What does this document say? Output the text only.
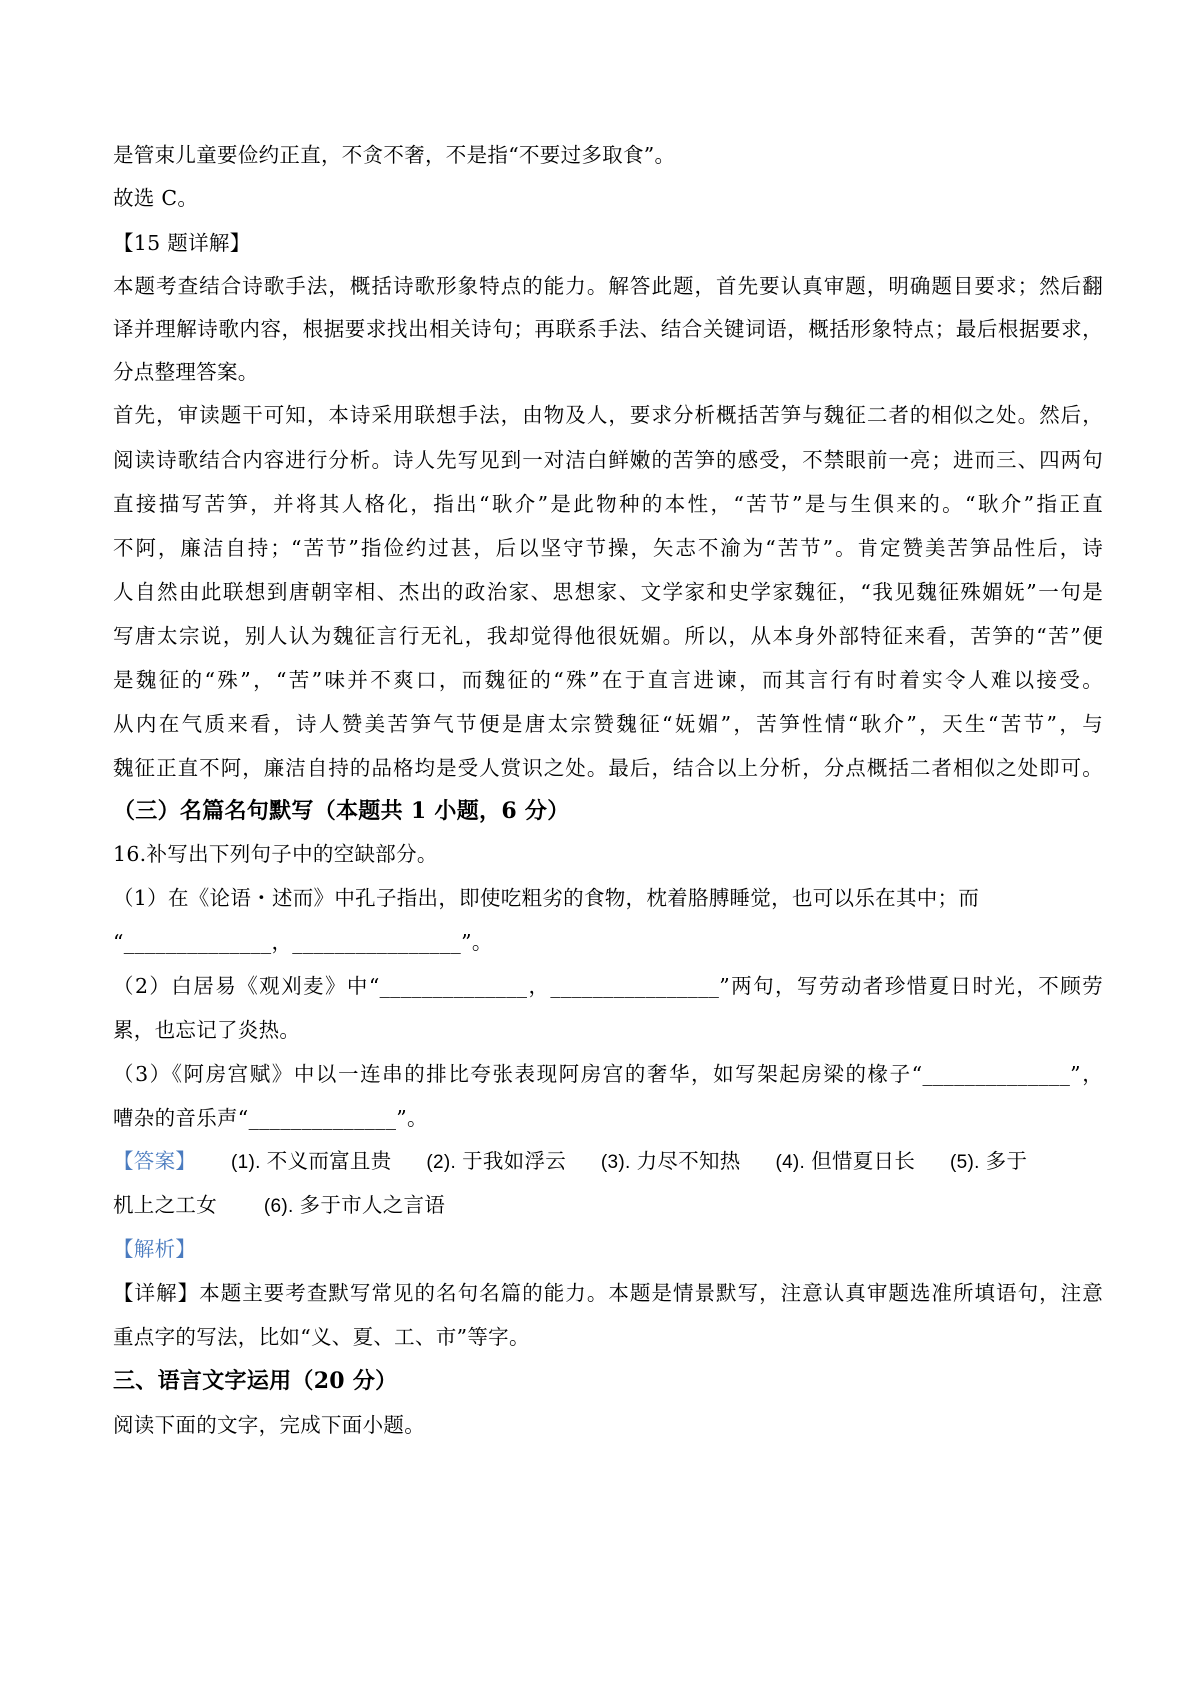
是管束儿童要俭约正直，不贪不奢，不是指“不要过多取食”。
故选 C。
【15 题详解】
本题考查结合诗歌手法，概括诗歌形象特点的能力。解答此题，首先要认真审题，明确题目要求；然后翻
译并理解诗歌内容，根据要求找出相关诗句；再联系手法、结合关键词语，概括形象特点；最后根据要求，
分点整理答案。
首先，审读题干可知，本诗采用联想手法，由物及人，要求分析概括苦笋与魏征二者的相似之处。然后，
阅读诗歌结合内容进行分析。诗人先写见到一对洁白鲜嫩的苦笋的感受，不禁眼前一亮；进而三、四两句
直接描写苦笋，并将其人格化，指出“耿介”是此物种的本性，“苦节”是与生俱来的。“耿介”指正直
不阿，廉洁自持；“苦节”指俭约过甚，后以坚守节操，矢志不渝为“苦节”。肯定赞美苦笋品性后，诗
人自然由此联想到唐朝宰相、杰出的政治家、思想家、文学家和史学家魏征，“我见魏征殊媚妩”一句是
写唐太宗说，别人认为魏征言行无礼，我却觉得他很妩媚。所以，从本身外部特征来看，苦笋的“苦”便
是魏征的“殊”，“苦”味并不爽口，而魏征的“殊”在于直言进谏，而其言行有时着实令人难以接受。
从内在气质来看，诗人赞美苦笋气节便是唐太宗赞魏征“妩媚”，苦笋性情“耿介”，天生“苦节”，与
魏征正直不阿，廉洁自持的品格均是受人赏识之处。最后，结合以上分析，分点概括二者相似之处即可。
（三）名篇名句默写（本题共 1 小题，6 分）
16.补写出下列句子中的空缺部分。
（1）在《论语・述而》中孔子指出，即使吃粗劣的食物，枕着胳膊睡觉，也可以乐在其中；而
“______________，________________”。
（2）白居易《观刈麦》中“______________，________________”两句，写劳动者珍惜夏日时光，不顾劳
累，也忘记了炎热。
（3）《阿房宫赋》中以一连串的排比夸张表现阿房宫的奢华，如写架起房梁的椽子“______________”，
嘈杂的音乐声“______________”。
【答案】 (1). 不义而富且贵 (2). 于我如浮云 (3). 力尽不知热 (4). 但惜夏日长 (5). 多于
机上之工女 (6). 多于市人之言语
【解析】
【详解】本题主要考查默写常见的名句名篇的能力。本题是情景默写，注意认真审题选准所填语句，注意
重点字的写法，比如“义、夏、工、市”等字。
三、语言文字运用（20 分）
阅读下面的文字，完成下面小题。
